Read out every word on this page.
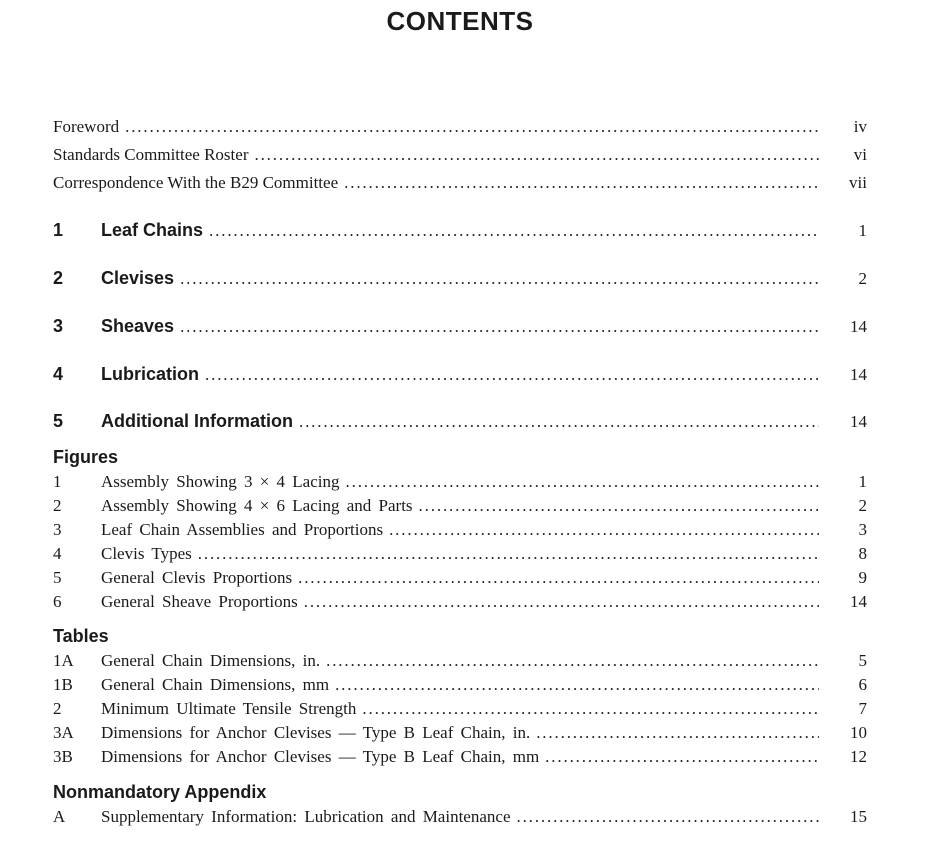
CONTENTS
Foreword . . .	iv
Standards Committee Roster . . .	vi
Correspondence With the B29 Committee . . .	vii
1	Leaf Chains . . .	1
2	Clevises . . .	2
3	Sheaves . . .	14
4	Lubrication . . .	14
5	Additional Information . . .	14
Figures
1	Assembly Showing 3 × 4 Lacing . . .	1
2	Assembly Showing 4 × 6 Lacing and Parts . . .	2
3	Leaf Chain Assemblies and Proportions . . .	3
4	Clevis Types . . .	8
5	General Clevis Proportions . . .	9
6	General Sheave Proportions . . .	14
Tables
1A	General Chain Dimensions, in. . . .	5
1B	General Chain Dimensions, mm . . .	6
2	Minimum Ultimate Tensile Strength . . .	7
3A	Dimensions for Anchor Clevises — Type B Leaf Chain, in. . . .	10
3B	Dimensions for Anchor Clevises — Type B Leaf Chain, mm . . .	12
Nonmandatory Appendix
A	Supplementary Information: Lubrication and Maintenance . . .	15
